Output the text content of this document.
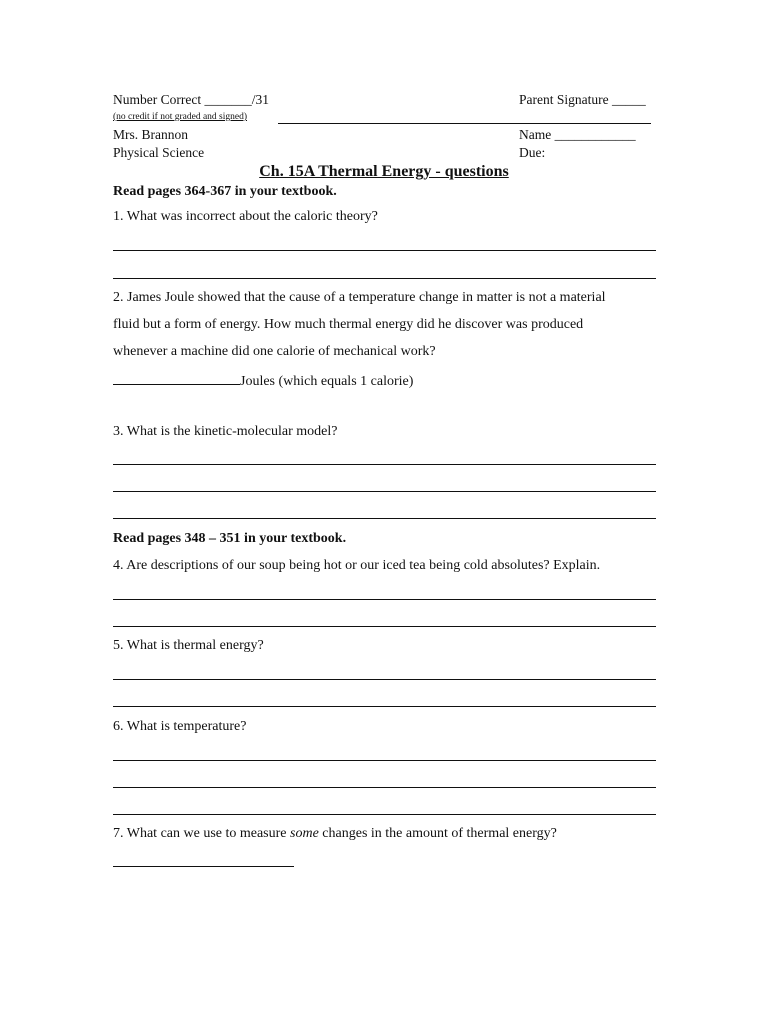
Number Correct _______/31	Parent Signature _____
(no credit if not graded and signed)
Mrs. Brannon	Name ____________
Physical Science	Due:
Ch. 15A Thermal Energy - questions
Read pages 364-367 in your textbook.
1. What was incorrect about the caloric theory?
2. James Joule showed that the cause of a temperature change in matter is not a material
fluid but a form of energy. How much thermal energy did he discover was produced
whenever a machine did one calorie of mechanical work?
Joules (which equals 1 calorie)
3. What is the kinetic-molecular model?
Read pages 348 – 351 in your textbook.
4. Are descriptions of our soup being hot or our iced tea being cold absolutes? Explain.
5. What is thermal energy?
6. What is temperature?
7. What can we use to measure some changes in the amount of thermal energy?
